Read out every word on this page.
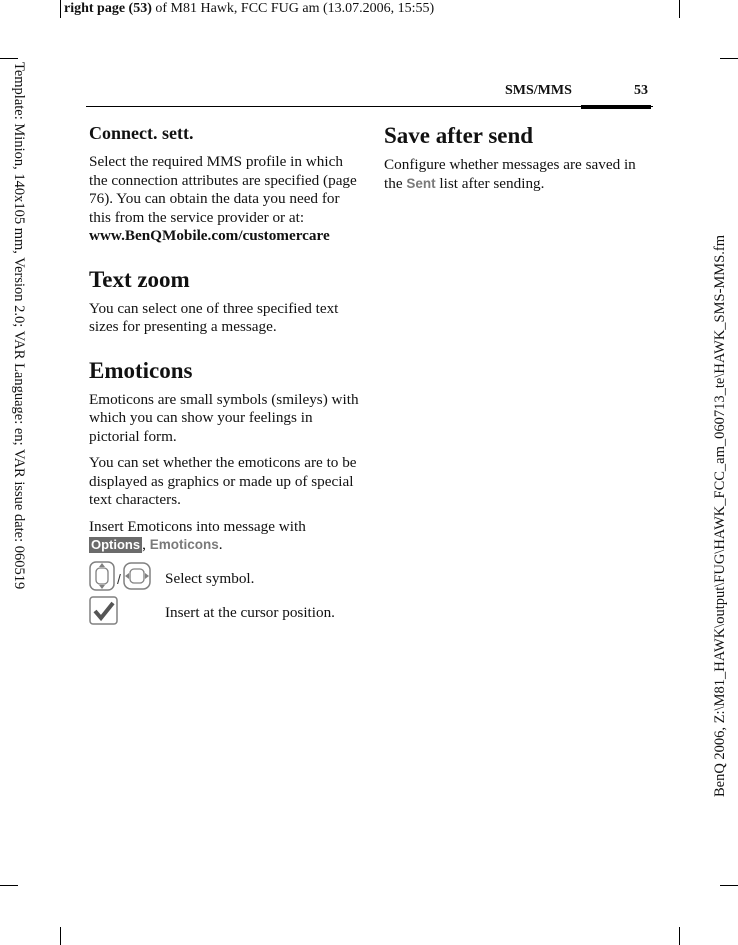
right page (53) of M81 Hawk, FCC FUG am (13.07.2006, 15:55)
Template: Minion, 140x105 mm, Version 2.0; VAR Language: en; VAR issue date: 060519	BenQ 2006, Z:\M81_HAWK\output\FUG\HAWK_FCC_am_060713_te\HAWK_SMS-MMS.fm
SMS/MMS	53
Connect. sett.

Select the required MMS profile in which the connection attributes are specified (page 76). You can obtain the data you need for this from the service provider or at:

www.BenQMobile.com/customercare

Text zoom

You can select one of three specified text sizes for presenting a message.

Emoticons

Emoticons are small symbols (smileys) with which you can show your feelings in pictorial form.

You can set whether the emoticons are to be displayed as graphics or made up of special text characters.

Insert Emoticons into message with
Options , Emoticons.

/	Select symbol.
Insert at the cursor position.
Save after send

Configure whether messages are saved in the Sent list after sending.
